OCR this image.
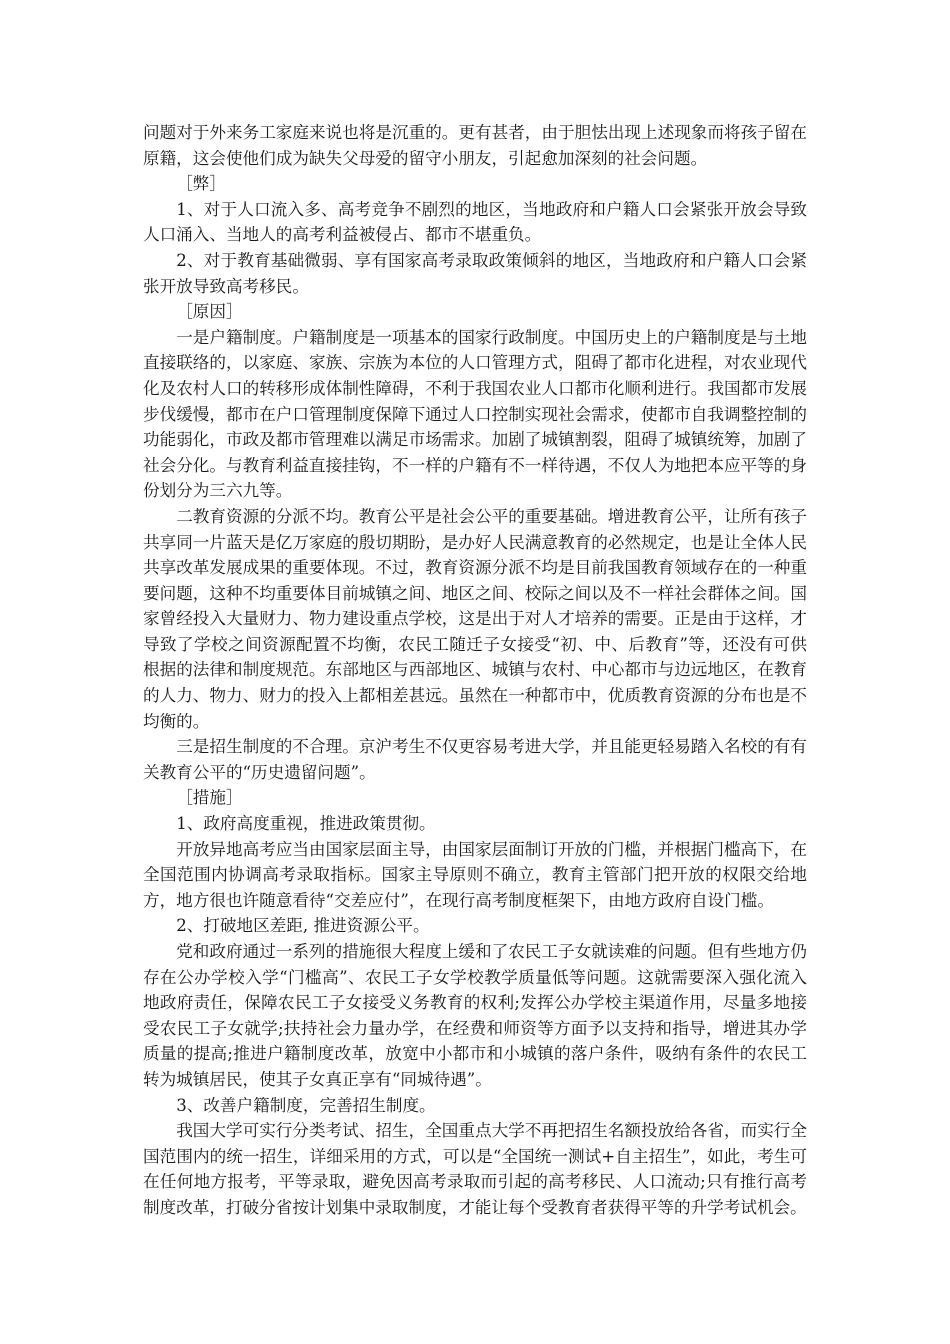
问题对于外来务工家庭来说也将是沉重的。更有甚者，由于胆怯出现上述现象而将孩子留在原籍，这会使他们成为缺失父母爱的留守小朋友，引起愈加深刻的社会问题。

［弊］

1、对于人口流入多、高考竞争不剧烈的地区，当地政府和户籍人口会紧张开放会导致人口涌入、当地人的高考利益被侵占、都市不堪重负。

2、对于教育基础微弱、享有国家高考录取政策倾斜的地区，当地政府和户籍人口会紧张开放导致高考移民。

［原因］

一是户籍制度。户籍制度是一项基本的国家行政制度。中国历史上的户籍制度是与土地直接联络的，以家庭、家族、宗族为本位的人口管理方式，阻碍了都市化进程，对农业现代化及农村人口的转移形成体制性障碍，不利于我国农业人口都市化顺利进行。我国都市发展步伐缓慢，都市在户口管理制度保障下通过人口控制实现社会需求，使都市自我调整控制的功能弱化，市政及都市管理难以满足市场需求。加剧了城镇割裂，阻碍了城镇统筹，加剧了社会分化。与教育利益直接挂钩，不一样的户籍有不一样待遇，不仅人为地把本应平等的身份划分为三六九等。

二教育资源的分派不均。教育公平是社会公平的重要基础。增进教育公平，让所有孩子共享同一片蓝天是亿万家庭的殷切期盼，是办好人民满意教育的必然规定，也是让全体人民共享改革发展成果的重要体现。不过，教育资源分派不均是目前我国教育领域存在的一种重要问题，这种不均重要体目前城镇之间、地区之间、校际之间以及不一样社会群体之间。国家曾经投入大量财力、物力建设重点学校，这是出于对人才培养的需要。正是由于这样，才导致了学校之间资源配置不均衡，农民工随迁子女接受“初、中、后教育”等，还没有可供根据的法律和制度规范。东部地区与西部地区、城镇与农村、中心都市与边远地区，在教育的人力、物力、财力的投入上都相差甚远。虽然在一种都市中，优质教育资源的分布也是不均衡的。

三是招生制度的不合理。京沪考生不仅更容易考进大学，并且能更轻易踏入名校的有有关教育公平的“历史遗留问题”。

［措施］

1、政府高度重视，推进政策贯彻。

开放异地高考应当由国家层面主导，由国家层面制订开放的门槛，并根据门槛高下，在全国范围内协调高考录取指标。国家主导原则不确立，教育主管部门把开放的权限交给地方，地方很也许随意看待“交差应付”，在现行高考制度框架下，由地方政府自设门槛。

2、打破地区差距, 推进资源公平。

党和政府通过一系列的措施很大程度上缓和了农民工子女就读难的问题。但有些地方仍存在公办学校入学“门槛高”、农民工子女学校教学质量低等问题。这就需要深入强化流入地政府责任，保障农民工子女接受义务教育的权利;发挥公办学校主渠道作用，尽量多地接受农民工子女就学;扶持社会力量办学，在经费和师资等方面予以支持和指导，增进其办学质量的提高;推进户籍制度改革，放宽中小都市和小城镇的落户条件，吸纳有条件的农民工转为城镇居民，使其子女真正享有“同城待遇”。

3、改善户籍制度，完善招生制度。

我国大学可实行分类考试、招生，全国重点大学不再把招生名额投放给各省，而实行全国范围内的统一招生，详细采用的方式，可以是“全国统一测试+自主招生”，如此，考生可在任何地方报考，平等录取，避免因高考录取而引起的高考移民、人口流动;只有推行高考制度改革，打破分省按计划集中录取制度，才能让每个受教育者获得平等的升学考试机会。
